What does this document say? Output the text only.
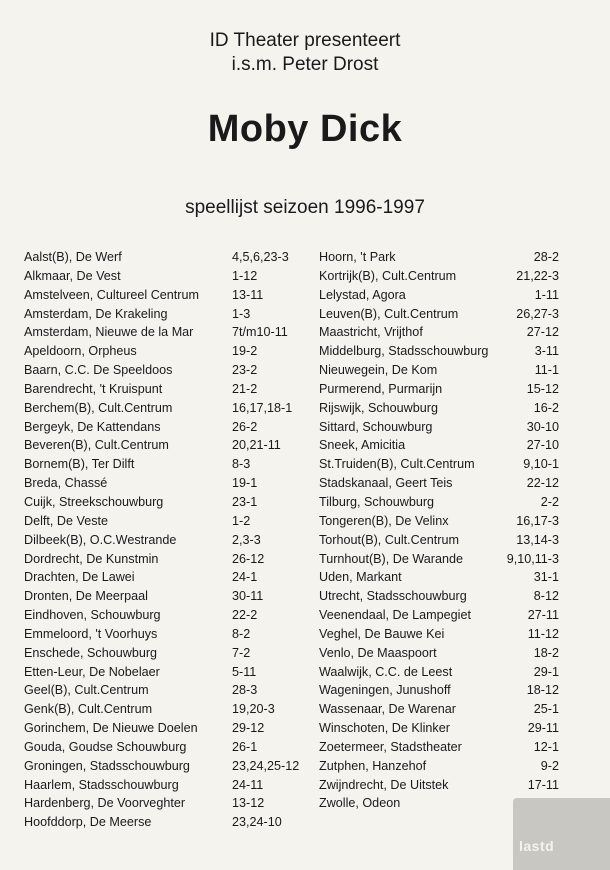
ID Theater presenteert
i.s.m. Peter Drost
Moby Dick
speellijst seizoen 1996-1997
Aalst(B), De Werf	4,5,6,23-3
Alkmaar, De Vest	1-12
Amstelveen, Cultureel Centrum	13-11
Amsterdam, De Krakeling	1-3
Amsterdam, Nieuwe de la Mar	7t/m10-11
Apeldoorn, Orpheus	19-2
Baarn, C.C. De Speeldoos	23-2
Barendrecht, 't Kruispunt	21-2
Berchem(B), Cult.Centrum	16,17,18-1
Bergeyk, De Kattendans	26-2
Beveren(B), Cult.Centrum	20,21-11
Bornem(B), Ter Dilft	8-3
Breda, Chassé	19-1
Cuijk, Streekschouwburg	23-1
Delft, De Veste	1-2
Dilbeek(B), O.C.Westrande	2,3-3
Dordrecht, De Kunstmin	26-12
Drachten, De Lawei	24-1
Dronten, De Meerpaal	30-11
Eindhoven, Schouwburg	22-2
Emmeloord, 't Voorhuys	8-2
Enschede, Schouwburg	7-2
Etten-Leur, De Nobelaer	5-11
Geel(B), Cult.Centrum	28-3
Genk(B), Cult.Centrum	19,20-3
Gorinchem, De Nieuwe Doelen	29-12
Gouda, Goudse Schouwburg	26-1
Groningen, Stadsschouwburg	23,24,25-12
Haarlem, Stadsschouwburg	24-11
Hardenberg, De Voorveghter	13-12
Hoofddorp, De Meerse	23,24-10
Hoorn, 't Park	28-2
Kortrijk(B), Cult.Centrum	21,22-3
Lelystad, Agora	1-11
Leuven(B), Cult.Centrum	26,27-3
Maastricht, Vrijthof	27-12
Middelburg, Stadsschouwburg	3-11
Nieuwegein, De Kom	11-1
Purmerend, Purmarijn	15-12
Rijswijk, Schouwburg	16-2
Sittard, Schouwburg	30-10
Sneek, Amicitia	27-10
St.Truiden(B), Cult.Centrum	9,10-1
Stadskanaal, Geert Teis	22-12
Tilburg, Schouwburg	2-2
Tongeren(B), De Velinx	16,17-3
Torhout(B), Cult.Centrum	13,14-3
Turnhout(B), De Warande	9,10,11-3
Uden, Markant	31-1
Utrecht, Stadsschouwburg	8-12
Veenendaal, De Lampegiet	27-11
Veghel, De Bauwe Kei	11-12
Venlo, De Maaspoort	18-2
Waalwijk, C.C. de Leest	29-1
Wageningen, Junushoff	18-12
Wassenaar, De Warenar	25-1
Winschoten, De Klinker	29-11
Zoetermeer, Stadstheater	12-1
Zutphen, Hanzehof	9-2
Zwijndrecht, De Uitstek	17-11
Zwolle, Odeon
lastd
